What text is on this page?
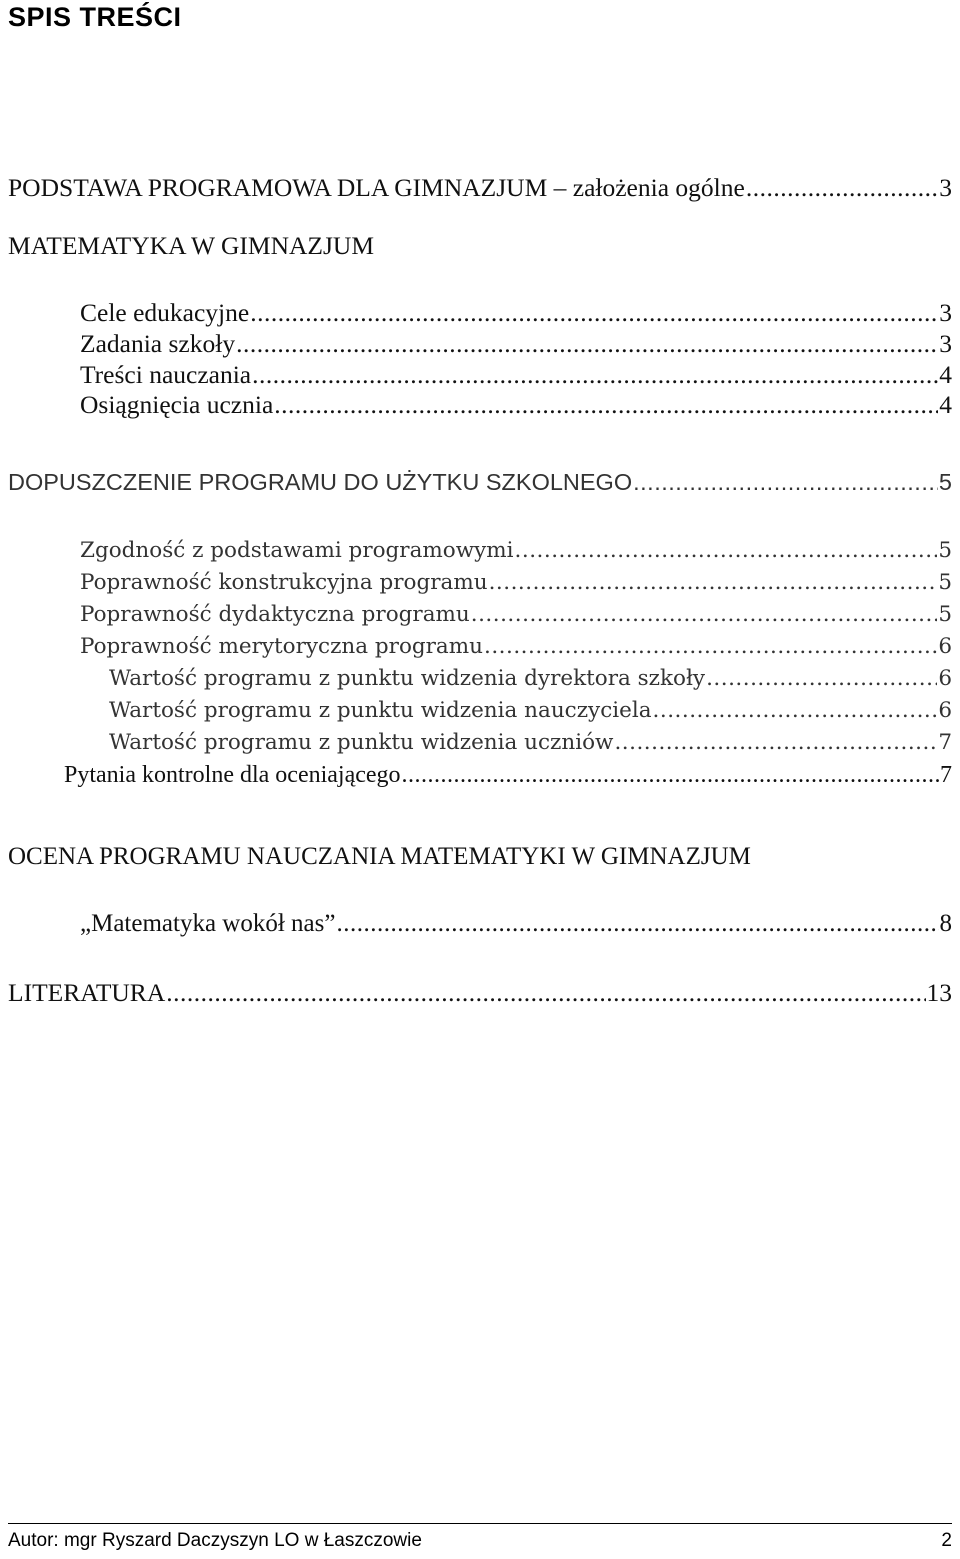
SPIS TREŚCI
PODSTAWA PROGRAMOWA DLA GIMNAZJUM – założenia ogólne .....	3
MATEMATYKA W GIMNAZJUM
Cele edukacyjne .....	3
Zadania szkoły .....	3
Treści nauczania .....	4
Osiągnięcia ucznia .....	4
DOPUSZCZENIE PROGRAMU DO UŻYTKU SZKOLNEGO .....	5
Zgodność z podstawami programowymi .....	5
Poprawność konstrukcyjna programu .....	5
Poprawność dydaktyczna programu .....	5
Poprawność merytoryczna programu .....	6
Wartość programu z punktu widzenia dyrektora szkoły .....	6
Wartość programu z punktu widzenia nauczyciela .....	6
Wartość programu z punktu widzenia uczniów .....	7
Pytania kontrolne dla oceniającego .....	7
OCENA PROGRAMU NAUCZANIA MATEMATYKI W GIMNAZJUM
„Matematyka wokół nas” .....	8
LITERATURA .....	13
Autor: mgr Ryszard Daczyszyn LO w Łaszczowie	2
